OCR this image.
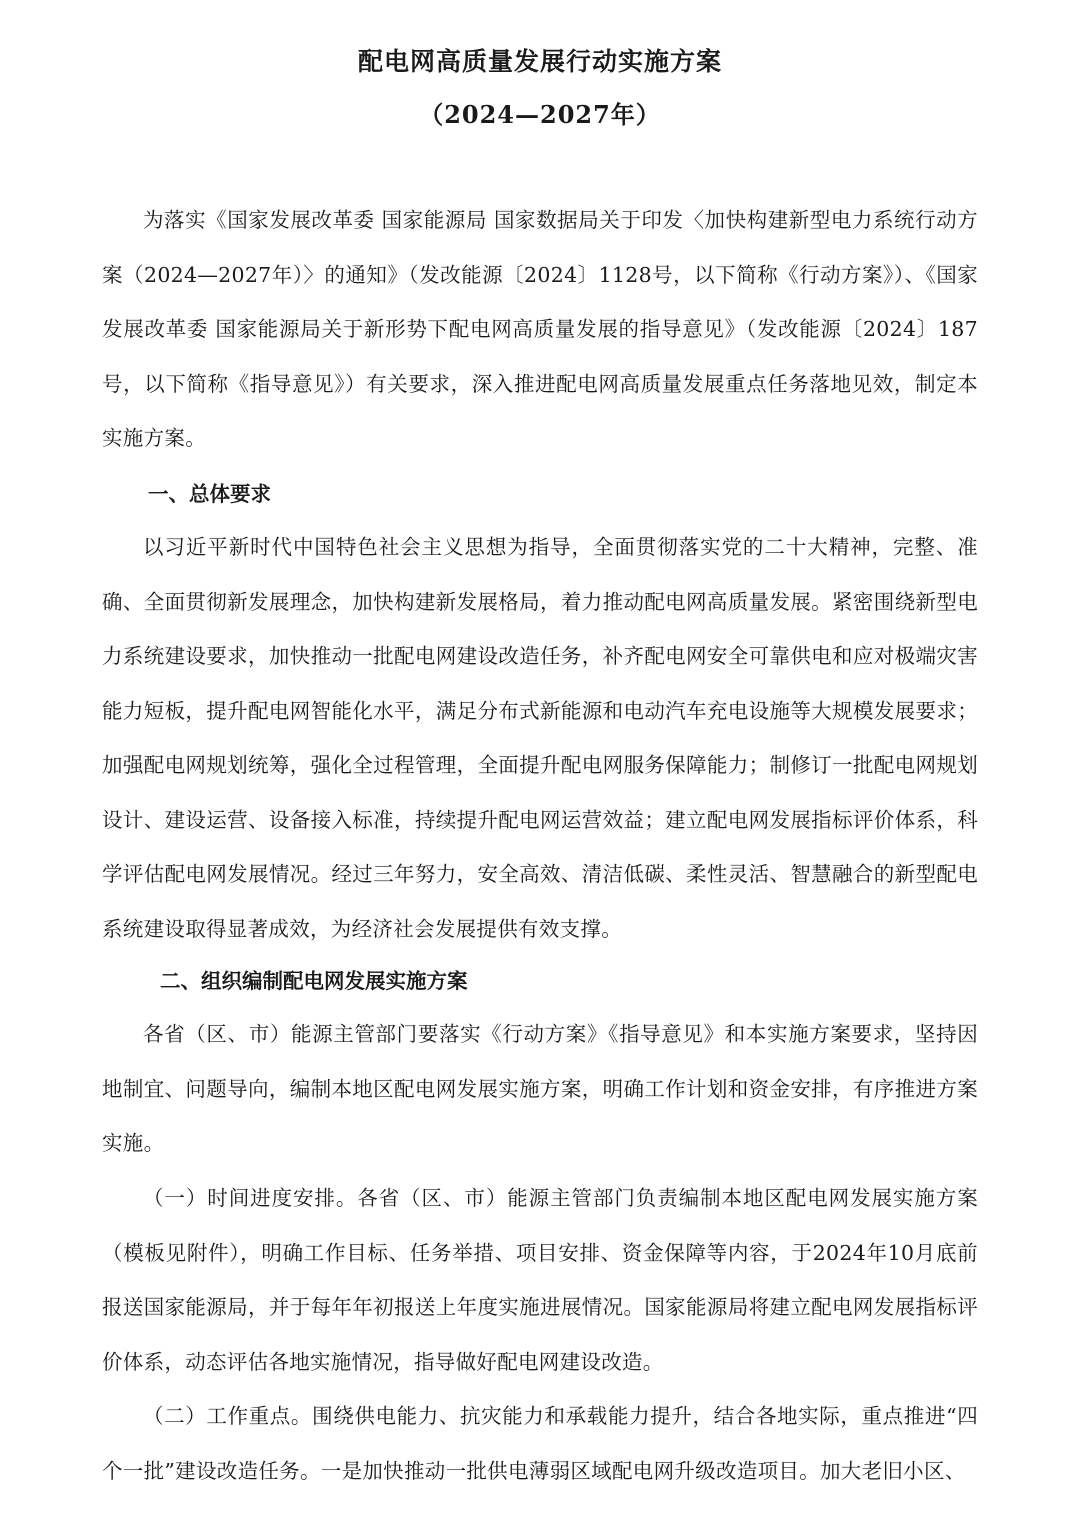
配电网高质量发展行动实施方案
（2024—2027年）

为落实《国家发展改革委 国家能源局 国家数据局关于印发〈加快构建新型电力系统行动方案（2024—2027年）〉的通知》（发改能源〔2024〕1128号，以下简称《行动方案》）、《国家发展改革委 国家能源局关于新形势下配电网高质量发展的指导意见》（发改能源〔2024〕187号，以下简称《指导意见》）有关要求，深入推进配电网高质量发展重点任务落地见效，制定本实施方案。

一、总体要求

以习近平新时代中国特色社会主义思想为指导，全面贯彻落实党的二十大精神，完整、准确、全面贯彻新发展理念，加快构建新发展格局，着力推动配电网高质量发展。紧密围绕新型电力系统建设要求，加快推动一批配电网建设改造任务，补齐配电网安全可靠供电和应对极端灾害能力短板，提升配电网智能化水平，满足分布式新能源和电动汽车充电设施等大规模发展要求；加强配电网规划统筹，强化全过程管理，全面提升配电网服务保障能力；制修订一批配电网规划设计、建设运营、设备接入标准，持续提升配电网运营效益；建立配电网发展指标评价体系，科学评估配电网发展情况。经过三年努力，安全高效、清洁低碳、柔性灵活、智慧融合的新型配电系统建设取得显著成效，为经济社会发展提供有效支撑。

二、组织编制配电网发展实施方案

各省（区、市）能源主管部门要落实《行动方案》《指导意见》和本实施方案要求，坚持因地制宜、问题导向，编制本地区配电网发展实施方案，明确工作计划和资金安排，有序推进方案实施。

（一）时间进度安排。各省（区、市）能源主管部门负责编制本地区配电网发展实施方案（模板见附件），明确工作目标、任务举措、项目安排、资金保障等内容，于2024年10月底前报送国家能源局，并于每年年初报送上年度实施进展情况。国家能源局将建立配电网发展指标评价体系，动态评估各地实施情况，指导做好配电网建设改造。

（二）工作重点。围绕供电能力、抗灾能力和承载能力提升，结合各地实际，重点推进“四个一批”建设改造任务。一是加快推动一批供电薄弱区域配电网升级改造项目。加大老旧小区、
